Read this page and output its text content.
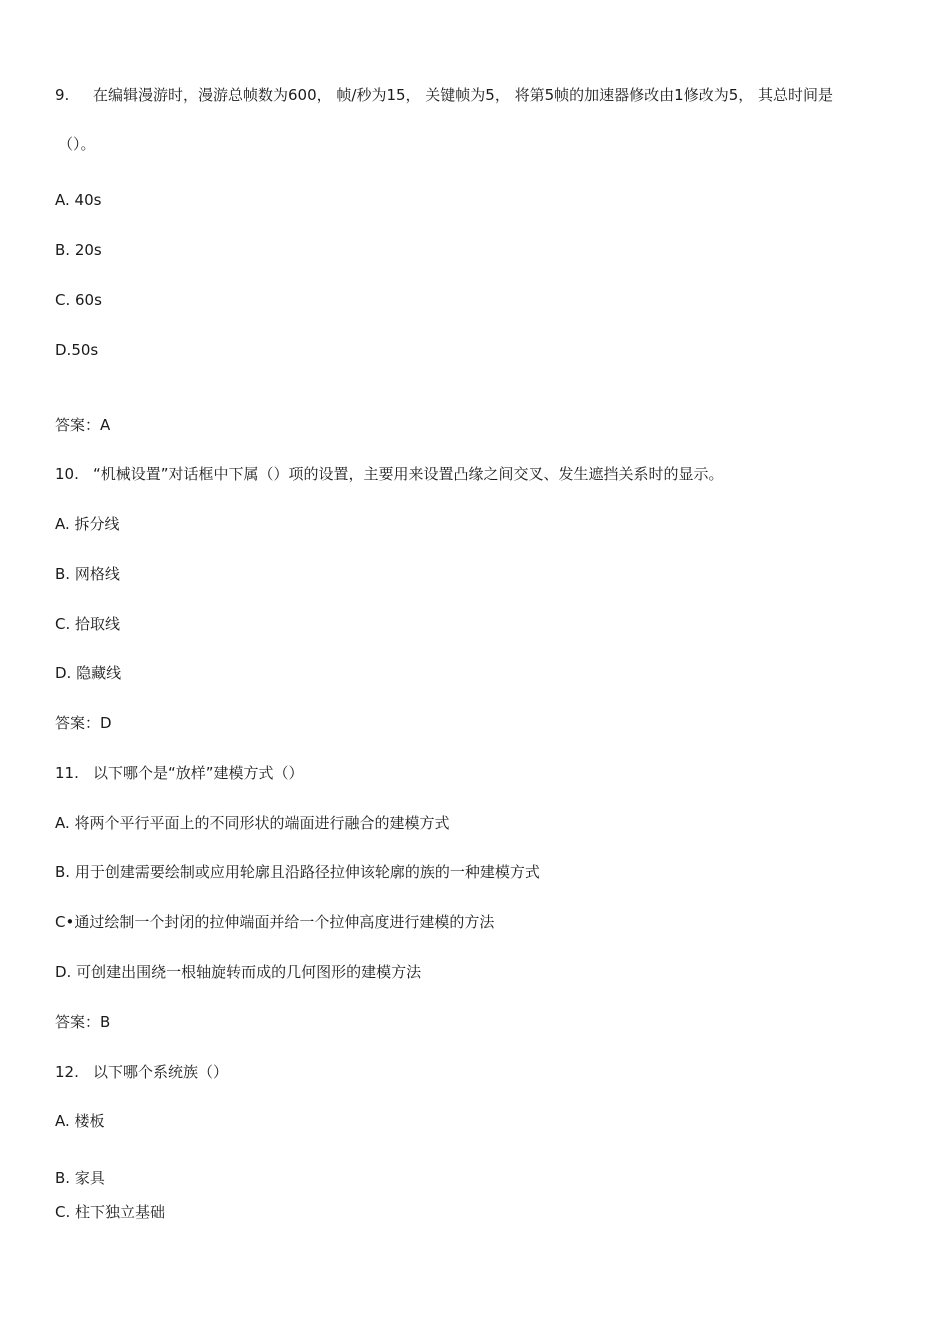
9. 在编辑漫游时，漫游总帧数为600， 帧/秒为15， 关键帧为5， 将第5帧的加速器修改由1修改为5， 其总时间是
（）。
A. 40s
B. 20s
C. 60s
D.50s
答案：A
10. “机械设置”对话框中下属（）项的设置，主要用来设置凸缘之间交叉、发生遮挡关系时的显示。
A. 拆分线
B. 网格线
C. 拾取线
D. 隐藏线
答案：D
11. 以下哪个是“放样”建模方式（）
A. 将两个平行平面上的不同形状的端面进行融合的建模方式
B. 用于创建需要绘制或应用轮廓且沿路径拉伸该轮廓的族的一种建模方式
C•通过绘制一个封闭的拉伸端面并给一个拉伸高度进行建模的方法
D. 可创建出围绕一根轴旋转而成的几何图形的建模方法
答案：B
12. 以下哪个系统族（）
A. 楼板
B. 家具
C. 柱下独立基础
